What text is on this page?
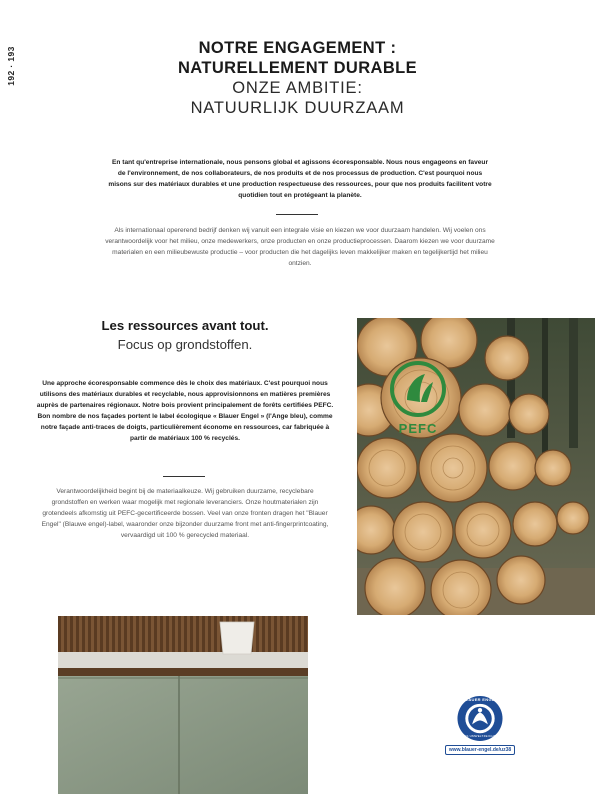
192 · 193	NOTRE ENGAGEMENT :
NATURELLEMENT DURABLE
ONZE AMBITIE:
NATUURLIJK DUURZAAM

En tant qu'entreprise internationale, nous pensons global et agissons écoresponsable. Nous nous engageons en faveur de l'environnement, de nos collaborateurs, de nos produits et de nos processus de production. C'est pourquoi nous misons sur des matériaux durables et une production respectueuse des ressources, pour que nos produits facilitent votre quotidien tout en protégeant la planète.

Als internationaal opererend bedrijf denken wij vanuit een integrale visie en kiezen we voor duurzaam handelen. Wij voelen ons verantwoordelijk voor het milieu, onze medewerkers, onze producten en onze productieprocessen. Daarom kiezen we voor duurzame materialen en een milieubewuste productie – voor producten die het dagelijks leven makkelijker maken en tegelijkertijd het milieu ontzien.

Les ressources avant tout.
Focus op grondstoffen.

Une approche écoresponsable commence dès le choix des matériaux. C'est pourquoi nous utilisons des matériaux durables et recyclable, nous approvisionnons en matières premières auprès de partenaires régionaux. Notre bois provient principalement de forêts certifiées PEFC. Bon nombre de nos façades portent le label écologique « Blauer Engel » (l'Ange bleu), comme notre façade anti-traces de doigts, particulièrement économe en ressources, car fabriquée à partir de matériaux 100 % recyclés.

Verantwoordelijkheid begint bij de materiaalkeuze. Wij gebruiken duurzame, recyclebare grondstoffen en werken waar mogelijk met regionale leveranciers. Onze houtmaterialen zijn grotendeels afkomstig uit PEFC-gecertificeerde bossen. Veel van onze fronten dragen het "Blauer Engel" (Blauwe engel)-label, waaronder onze bijzonder duurzame front met anti-fingerprintcoating, vervaardigd uit 100 % gerecycled materiaal.

PEFC
BLAUER ENGEL
DAS UMWELTZEICHEN
www.blauer-engel.de/uz38
